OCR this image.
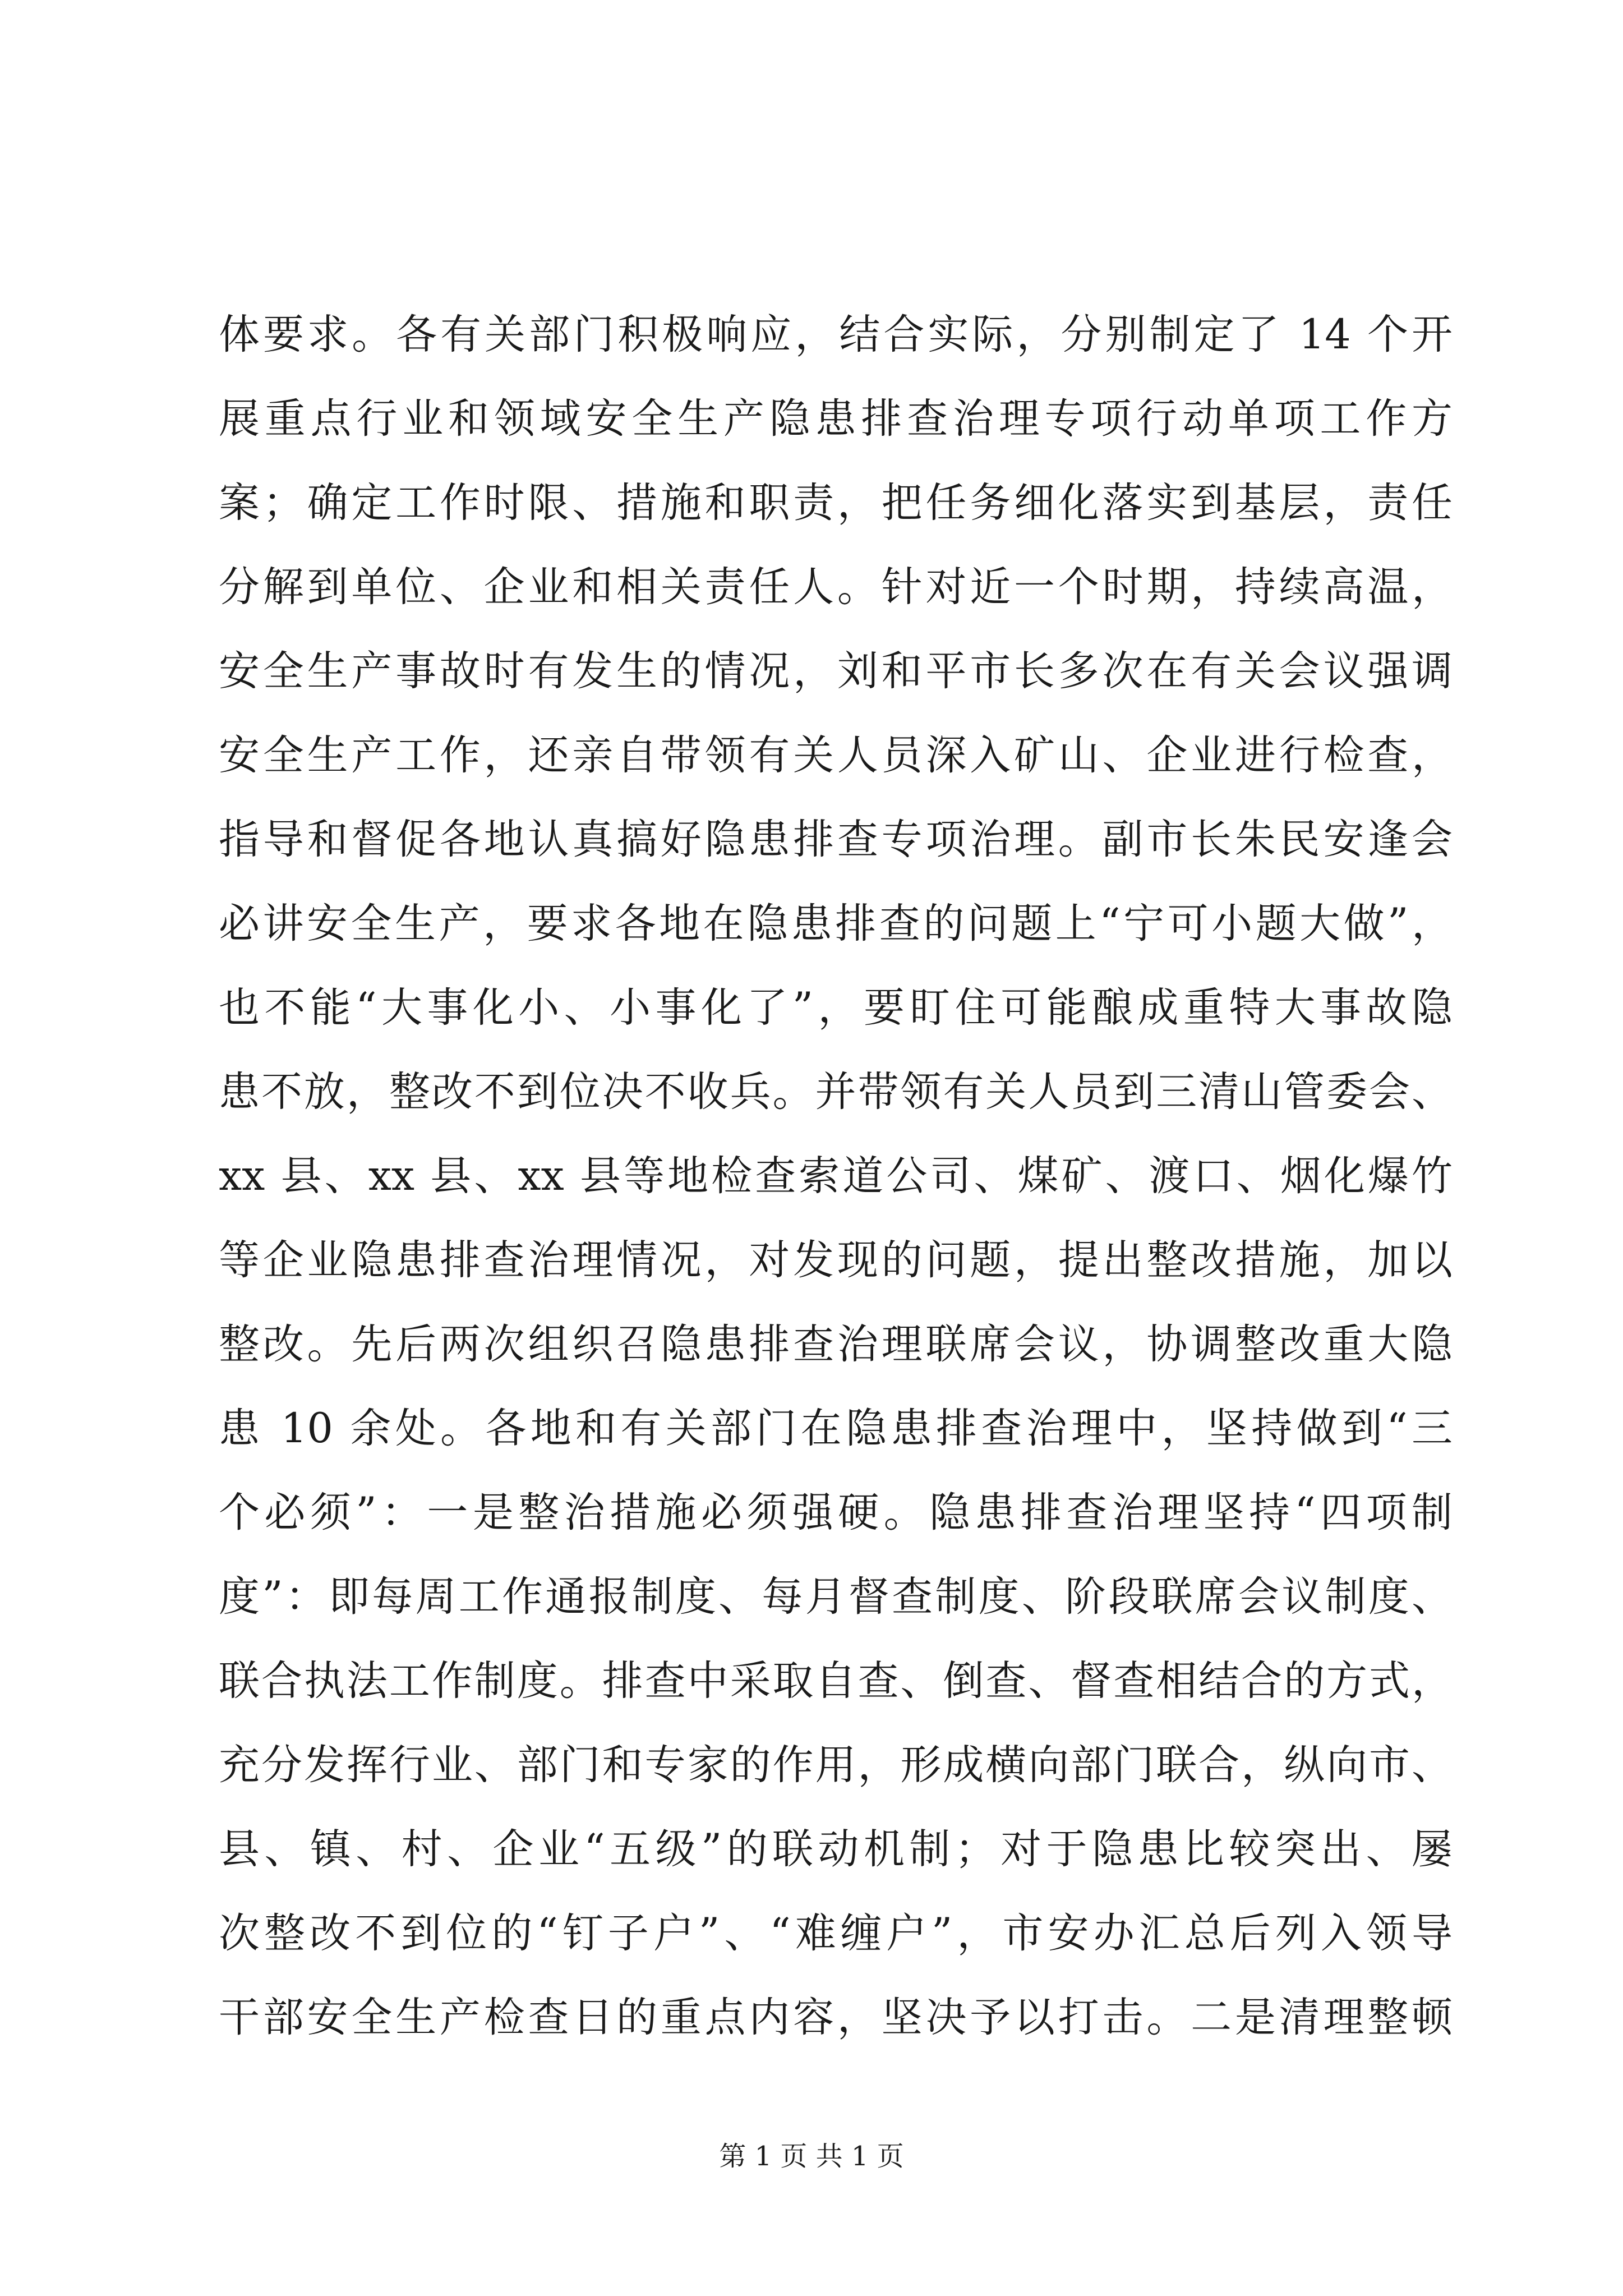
体要求。各有关部门积极响应，结合实际，分别制定了 14 个开
展重点行业和领域安全生产隐患排查治理专项行动单项工作方
案；确定工作时限、措施和职责，把任务细化落实到基层，责任
分解到单位、企业和相关责任人。针对近一个时期，持续高温，
安全生产事故时有发生的情况，刘和平市长多次在有关会议强调
安全生产工作，还亲自带领有关人员深入矿山、企业进行检查，
指导和督促各地认真搞好隐患排查专项治理。副市长朱民安逢会
必讲安全生产，要求各地在隐患排查的问题上“宁可小题大做”，
也不能“大事化小、小事化了”，要盯住可能酿成重特大事故隐
患不放，整改不到位决不收兵。并带领有关人员到三清山管委会、
xx 县、xx 县、xx 县等地检查索道公司、煤矿、渡口、烟化爆竹
等企业隐患排查治理情况，对发现的问题，提出整改措施，加以
整改。先后两次组织召隐患排查治理联席会议，协调整改重大隐
患 10 余处。各地和有关部门在隐患排查治理中，坚持做到“三
个必须”：一是整治措施必须强硬。隐患排查治理坚持“四项制
度”：即每周工作通报制度、每月督查制度、阶段联席会议制度、
联合执法工作制度。排查中采取自查、倒查、督查相结合的方式，
充分发挥行业、部门和专家的作用，形成横向部门联合，纵向市、
县、镇、村、企业“五级”的联动机制；对于隐患比较突出、屡
次整改不到位的“钉子户”、“难缠户”，市安办汇总后列入领导
干部安全生产检查日的重点内容，坚决予以打击。二是清理整顿
第 1 页 共 1 页
